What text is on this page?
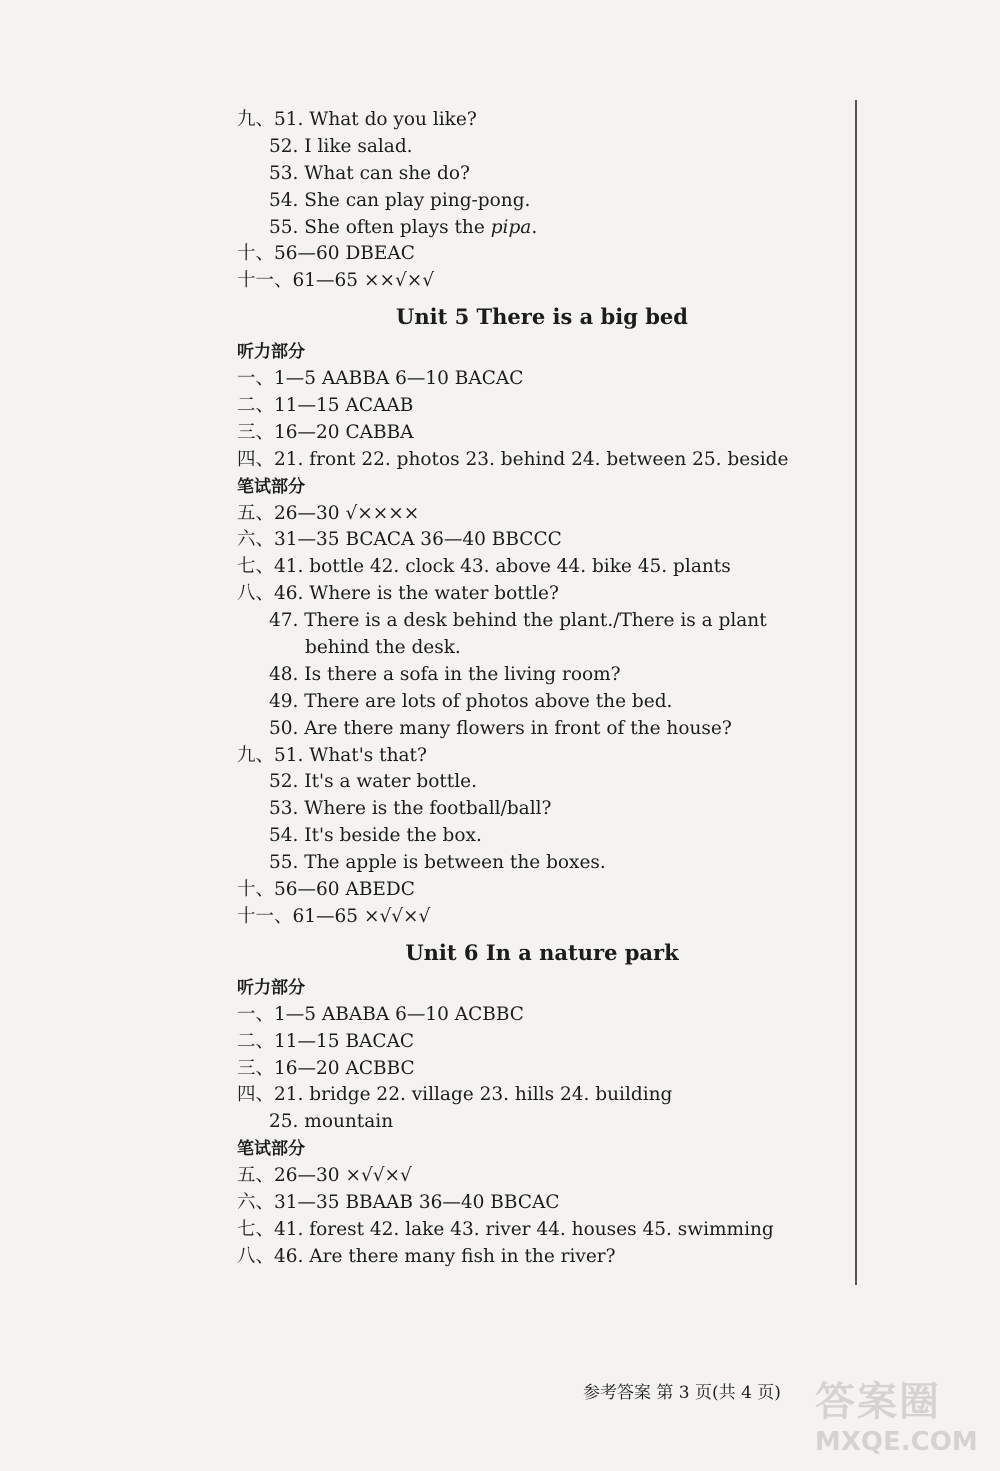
九、51. What do you like?
52. I like salad.
53. What can she do?
54. She can play ping-pong.
55. She often plays the pipa.
十、56—60 DBEAC
十一、61—65 ××√×√
Unit 5 There is a big bed
听力部分
一、1—5 AABBA 6—10 BACAC
二、11—15 ACAAB
三、16—20 CABBA
四、21. front 22. photos 23. behind 24. between 25. beside
笔试部分
五、26—30 √××××
六、31—35 BCACA 36—40 BBCCC
七、41. bottle 42. clock 43. above 44. bike 45. plants
八、46. Where is the water bottle?
47. There is a desk behind the plant./There is a plant
behind the desk.
48. Is there a sofa in the living room?
49. There are lots of photos above the bed.
50. Are there many flowers in front of the house?
九、51. What's that?
52. It's a water bottle.
53. Where is the football/ball?
54. It's beside the box.
55. The apple is between the boxes.
十、56—60 ABEDC
十一、61—65 ×√√×√
Unit 6 In a nature park
听力部分
一、1—5 ABABA 6—10 ACBBC
二、11—15 BACAC
三、16—20 ACBBC
四、21. bridge 22. village 23. hills 24. building
25. mountain
笔试部分
五、26—30 ×√√×√
六、31—35 BBAAB 36—40 BBCAC
七、41. forest 42. lake 43. river 44. houses 45. swimming
八、46. Are there many fish in the river?
参考答案 第 3 页(共 4 页) 答案圈
MXQE.COM
